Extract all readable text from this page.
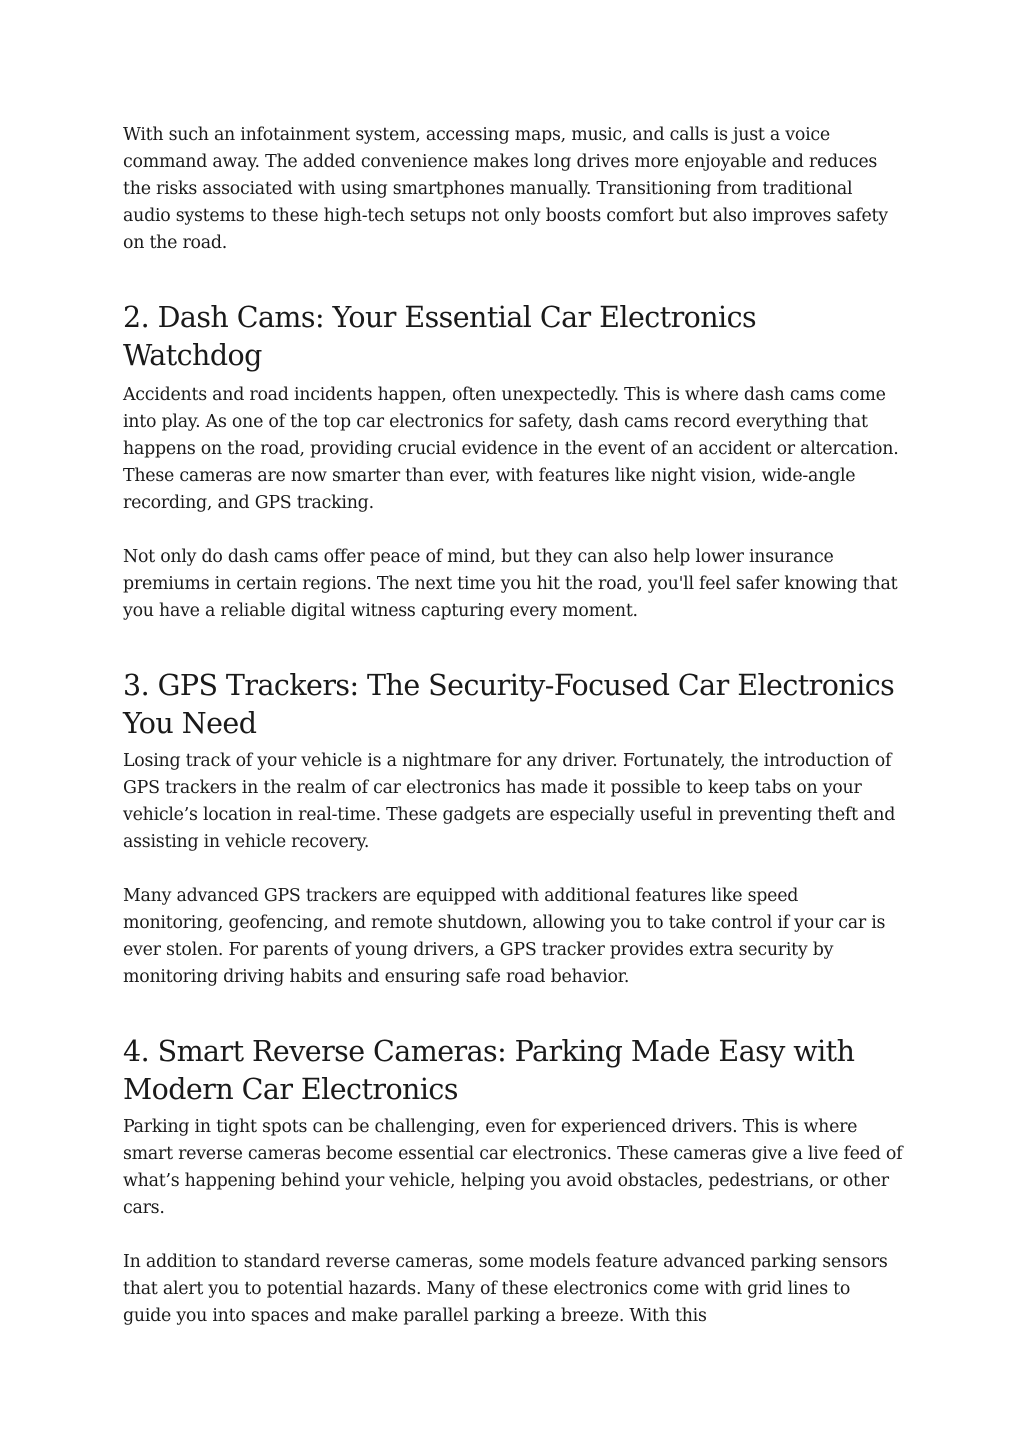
With such an infotainment system, accessing maps, music, and calls is just a voice command away. The added convenience makes long drives more enjoyable and reduces the risks associated with using smartphones manually. Transitioning from traditional audio systems to these high-tech setups not only boosts comfort but also improves safety on the road.

2. Dash Cams: Your Essential Car Electronics Watchdog

Accidents and road incidents happen, often unexpectedly. This is where dash cams come into play. As one of the top car electronics for safety, dash cams record everything that happens on the road, providing crucial evidence in the event of an accident or altercation. These cameras are now smarter than ever, with features like night vision, wide-angle recording, and GPS tracking.

Not only do dash cams offer peace of mind, but they can also help lower insurance premiums in certain regions. The next time you hit the road, you'll feel safer knowing that you have a reliable digital witness capturing every moment.

3. GPS Trackers: The Security-Focused Car Electronics You Need

Losing track of your vehicle is a nightmare for any driver. Fortunately, the introduction of GPS trackers in the realm of car electronics has made it possible to keep tabs on your vehicle’s location in real-time. These gadgets are especially useful in preventing theft and assisting in vehicle recovery.

Many advanced GPS trackers are equipped with additional features like speed monitoring, geofencing, and remote shutdown, allowing you to take control if your car is ever stolen. For parents of young drivers, a GPS tracker provides extra security by monitoring driving habits and ensuring safe road behavior.

4. Smart Reverse Cameras: Parking Made Easy with Modern Car Electronics

Parking in tight spots can be challenging, even for experienced drivers. This is where smart reverse cameras become essential car electronics. These cameras give a live feed of what’s happening behind your vehicle, helping you avoid obstacles, pedestrians, or other cars.

In addition to standard reverse cameras, some models feature advanced parking sensors that alert you to potential hazards. Many of these electronics come with grid lines to guide you into spaces and make parallel parking a breeze. With this
